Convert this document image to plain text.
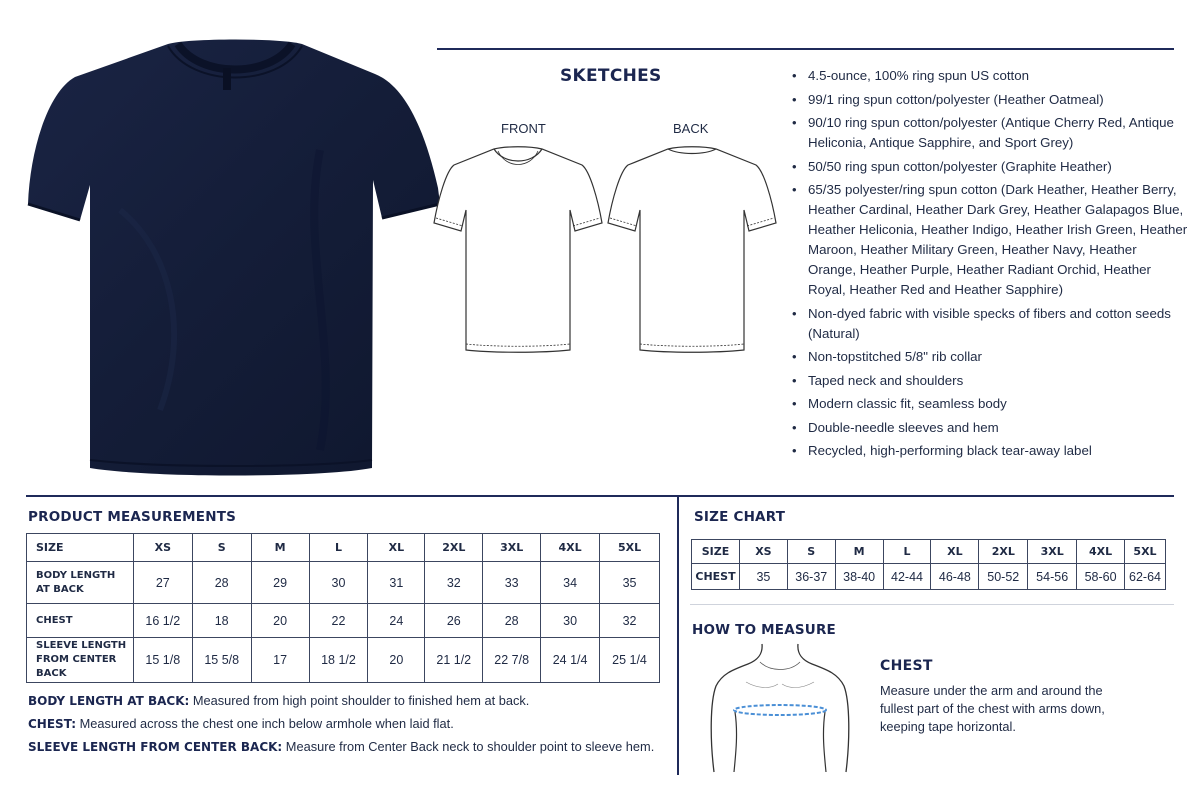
SKETCHES
FRONT	BACK
• 4.5-ounce, 100% ring spun US cotton
• 99/1 ring spun cotton/polyester (Heather Oatmeal)
• 90/10 ring spun cotton/polyester (Antique Cherry Red, Antique Heliconia, Antique Sapphire, and Sport Grey)
• 50/50 ring spun cotton/polyester (Graphite Heather)
• 65/35 polyester/ring spun cotton (Dark Heather, Heather Berry, Heather Cardinal, Heather Dark Grey, Heather Galapagos Blue, Heather Heliconia, Heather Indigo, Heather Irish Green, Heather Maroon, Heather Military Green, Heather Navy, Heather Orange, Heather Purple, Heather Radiant Orchid, Heather Royal, Heather Red and Heather Sapphire)
• Non-dyed fabric with visible specks of fibers and cotton seeds (Natural)
• Non-topstitched 5/8" rib collar
• Taped neck and shoulders
• Modern classic fit, seamless body
• Double-needle sleeves and hem
• Recycled, high-performing black tear-away label
PRODUCT MEASUREMENTS
SIZE	XS	S	M	L	XL	2XL	3XL	4XL	5XL
BODY LENGTH
AT BACK	27	28	29	30	31	32	33	34	35
CHEST	16 1/2	18	20	22	24	26	28	30	32
SLEEVE LENGTH
FROM CENTER BACK	15 1/8	15 5/8	17	18 1/2	20	21 1/2	22 7/8	24 1/4	25 1/4
BODY LENGTH AT BACK: Measured from high point shoulder to finished hem at back.
CHEST: Measured across the chest one inch below armhole when laid flat.
SLEEVE LENGTH FROM CENTER BACK: Measure from Center Back neck to shoulder point to sleeve hem.
SIZE CHART
SIZE	XS	S	M	L	XL	2XL	3XL	4XL	5XL
CHEST	35	36-37	38-40	42-44	46-48	50-52	54-56	58-60	62-64
HOW TO MEASURE
CHEST
Measure under the arm and around the fullest part of the chest with arms down, keeping tape horizontal.
